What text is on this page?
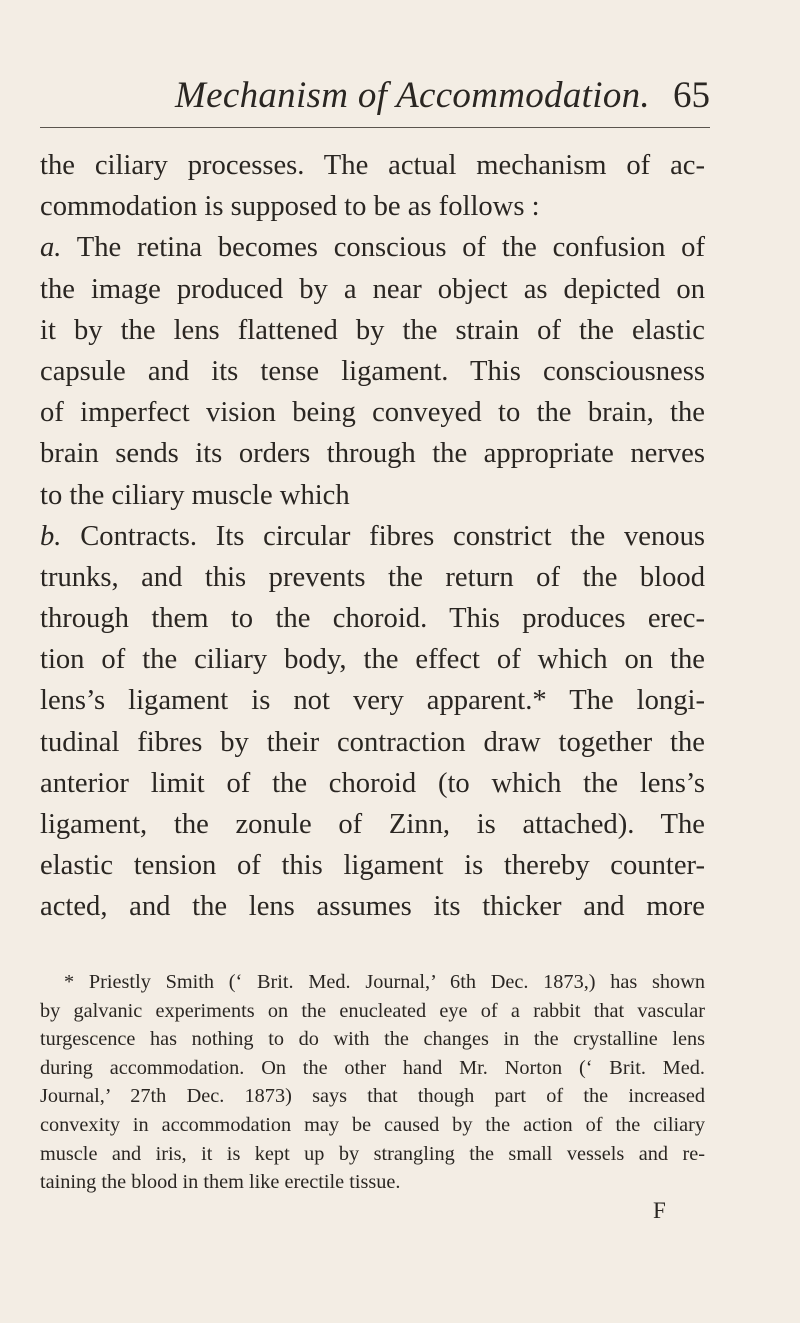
Mechanism of Accommodation. 65
the ciliary processes. The actual mechanism of ac-
commodation is supposed to be as follows :
a. The retina becomes conscious of the confusion of
the image produced by a near object as depicted on
it by the lens flattened by the strain of the elastic
capsule and its tense ligament. This consciousness
of imperfect vision being conveyed to the brain, the
brain sends its orders through the appropriate nerves
to the ciliary muscle which
b. Contracts. Its circular fibres constrict the venous
trunks, and this prevents the return of the blood
through them to the choroid. This produces erec-
tion of the ciliary body, the effect of which on the
lens’s ligament is not very apparent.* The longi-
tudinal fibres by their contraction draw together the
anterior limit of the choroid (to which the lens’s
ligament, the zonule of Zinn, is attached). The
elastic tension of this ligament is thereby counter-
acted, and the lens assumes its thicker and more
* Priestly Smith (‘ Brit. Med. Journal,’ 6th Dec. 1873,) has shown
by galvanic experiments on the enucleated eye of a rabbit that vascular
turgescence has nothing to do with the changes in the crystalline lens
during accommodation. On the other hand Mr. Norton (‘ Brit. Med.
Journal,’ 27th Dec. 1873) says that though part of the increased
convexity in accommodation may be caused by the action of the ciliary
muscle and iris, it is kept up by strangling the small vessels and re-
taining the blood in them like erectile tissue.
F
